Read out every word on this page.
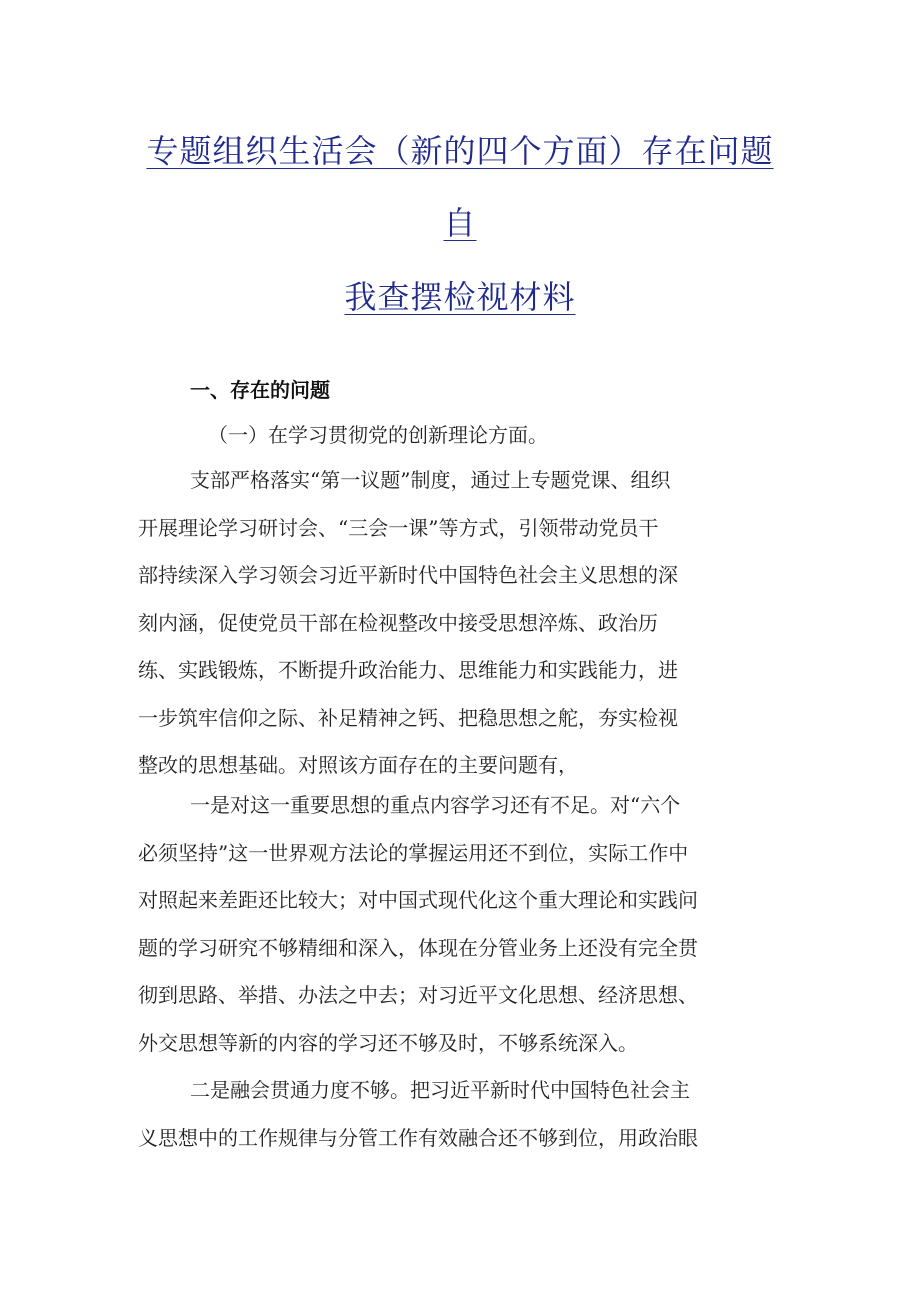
专题组织生活会（新的四个方面）存在问题
自
我查摆检视材料
一、存在的问题
（一）在学习贯彻党的创新理论方面。
支部严格落实“第一议题”制度，通过上专题党课、组织
开展理论学习研讨会、“三会一课”等方式，引领带动党员干
部持续深入学习领会习近平新时代中国特色社会主义思想的深
刻内涵，促使党员干部在检视整改中接受思想淬炼、政治历
练、实践锻炼，不断提升政治能力、思维能力和实践能力，进
一步筑牢信仰之际、补足精神之钙、把稳思想之舵，夯实检视
整改的思想基础。对照该方面存在的主要问题有，
一是对这一重要思想的重点内容学习还有不足。对“六个
必须坚持”这一世界观方法论的掌握运用还不到位，实际工作中
对照起来差距还比较大；对中国式现代化这个重大理论和实践问
题的学习研究不够精细和深入，体现在分管业务上还没有完全贯
彻到思路、举措、办法之中去；对习近平文化思想、经济思想、
外交思想等新的内容的学习还不够及时，不够系统深入。
二是融会贯通力度不够。把习近平新时代中国特色社会主
义思想中的工作规律与分管工作有效融合还不够到位，用政治眼
